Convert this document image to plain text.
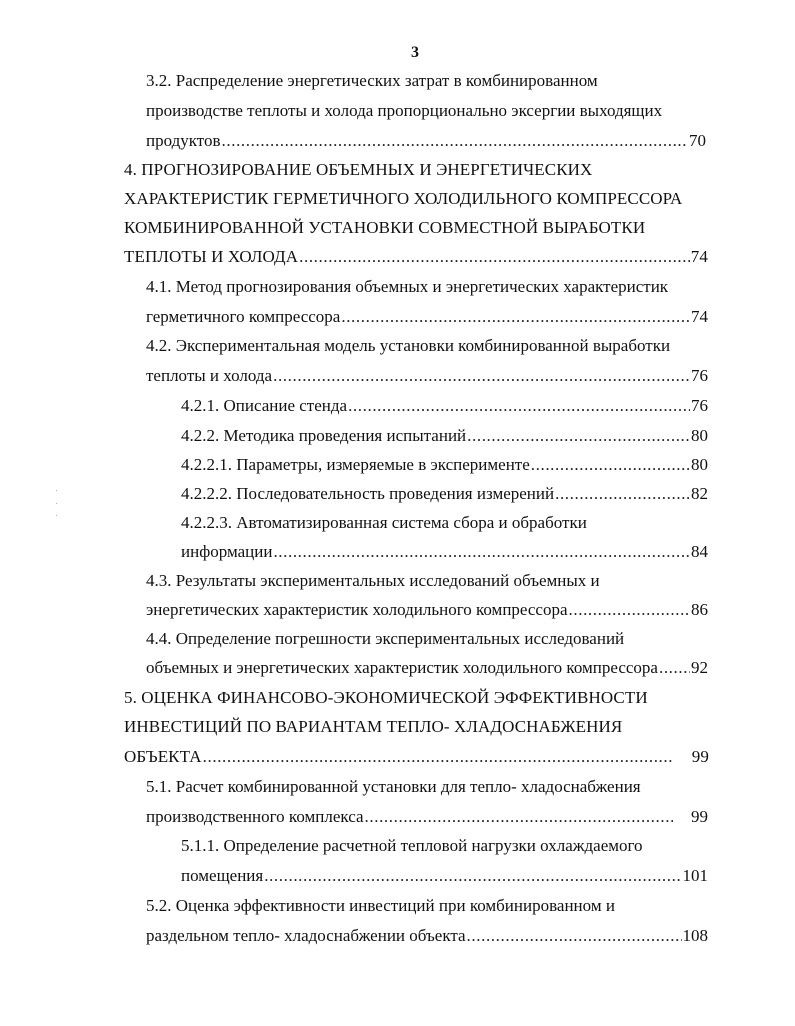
3
3.2. Распределение энергетических затрат в комбинированном
производстве теплоты и холода пропорционально эксергии выходящих
продуктов .....	70
4. ПРОГНОЗИРОВАНИЕ ОБЪЕМНЫХ И ЭНЕРГЕТИЧЕСКИХ
ХАРАКТЕРИСТИК ГЕРМЕТИЧНОГО ХОЛОДИЛЬНОГО КОМПРЕССОРА
КОМБИНИРОВАННОЙ УСТАНОВКИ СОВМЕСТНОЙ ВЫРАБОТКИ
ТЕПЛОТЫ И ХОЛОДА .....	74
4.1. Метод прогнозирования объемных и энергетических характеристик
герметичного компрессора .....	74
4.2. Экспериментальная модель установки комбинированной выработки
теплоты и холода .....	76
4.2.1. Описание стенда .....	76
4.2.2. Методика проведения испытаний .....	80
4.2.2.1. Параметры, измеряемые в эксперименте .....	80
4.2.2.2. Последовательность проведения измерений .....	82
4.2.2.3. Автоматизированная система сбора и обработки
информации .....	84
4.3. Результаты экспериментальных исследований объемных и
энергетических характеристик холодильного компрессора .....	86
4.4. Определение погрешности экспериментальных исследований
объемных и энергетических характеристик холодильного компрессора ..... 92
5. ОЦЕНКА ФИНАНСОВО-ЭКОНОМИЧЕСКОЙ ЭФФЕКТИВНОСТИ
ИНВЕСТИЦИЙ ПО ВАРИАНТАМ ТЕПЛО- ХЛАДОСНАБЖЕНИЯ
ОБЪЕКТА .....	99
5.1. Расчет комбинированной установки для тепло- хладоснабжения
производственного комплекса .....	99
5.1.1. Определение расчетной тепловой нагрузки охлаждаемого
помещения .....	101
5.2. Оценка эффективности инвестиций при комбинированном и
раздельном тепло- хладоснабжении объекта .....	108
